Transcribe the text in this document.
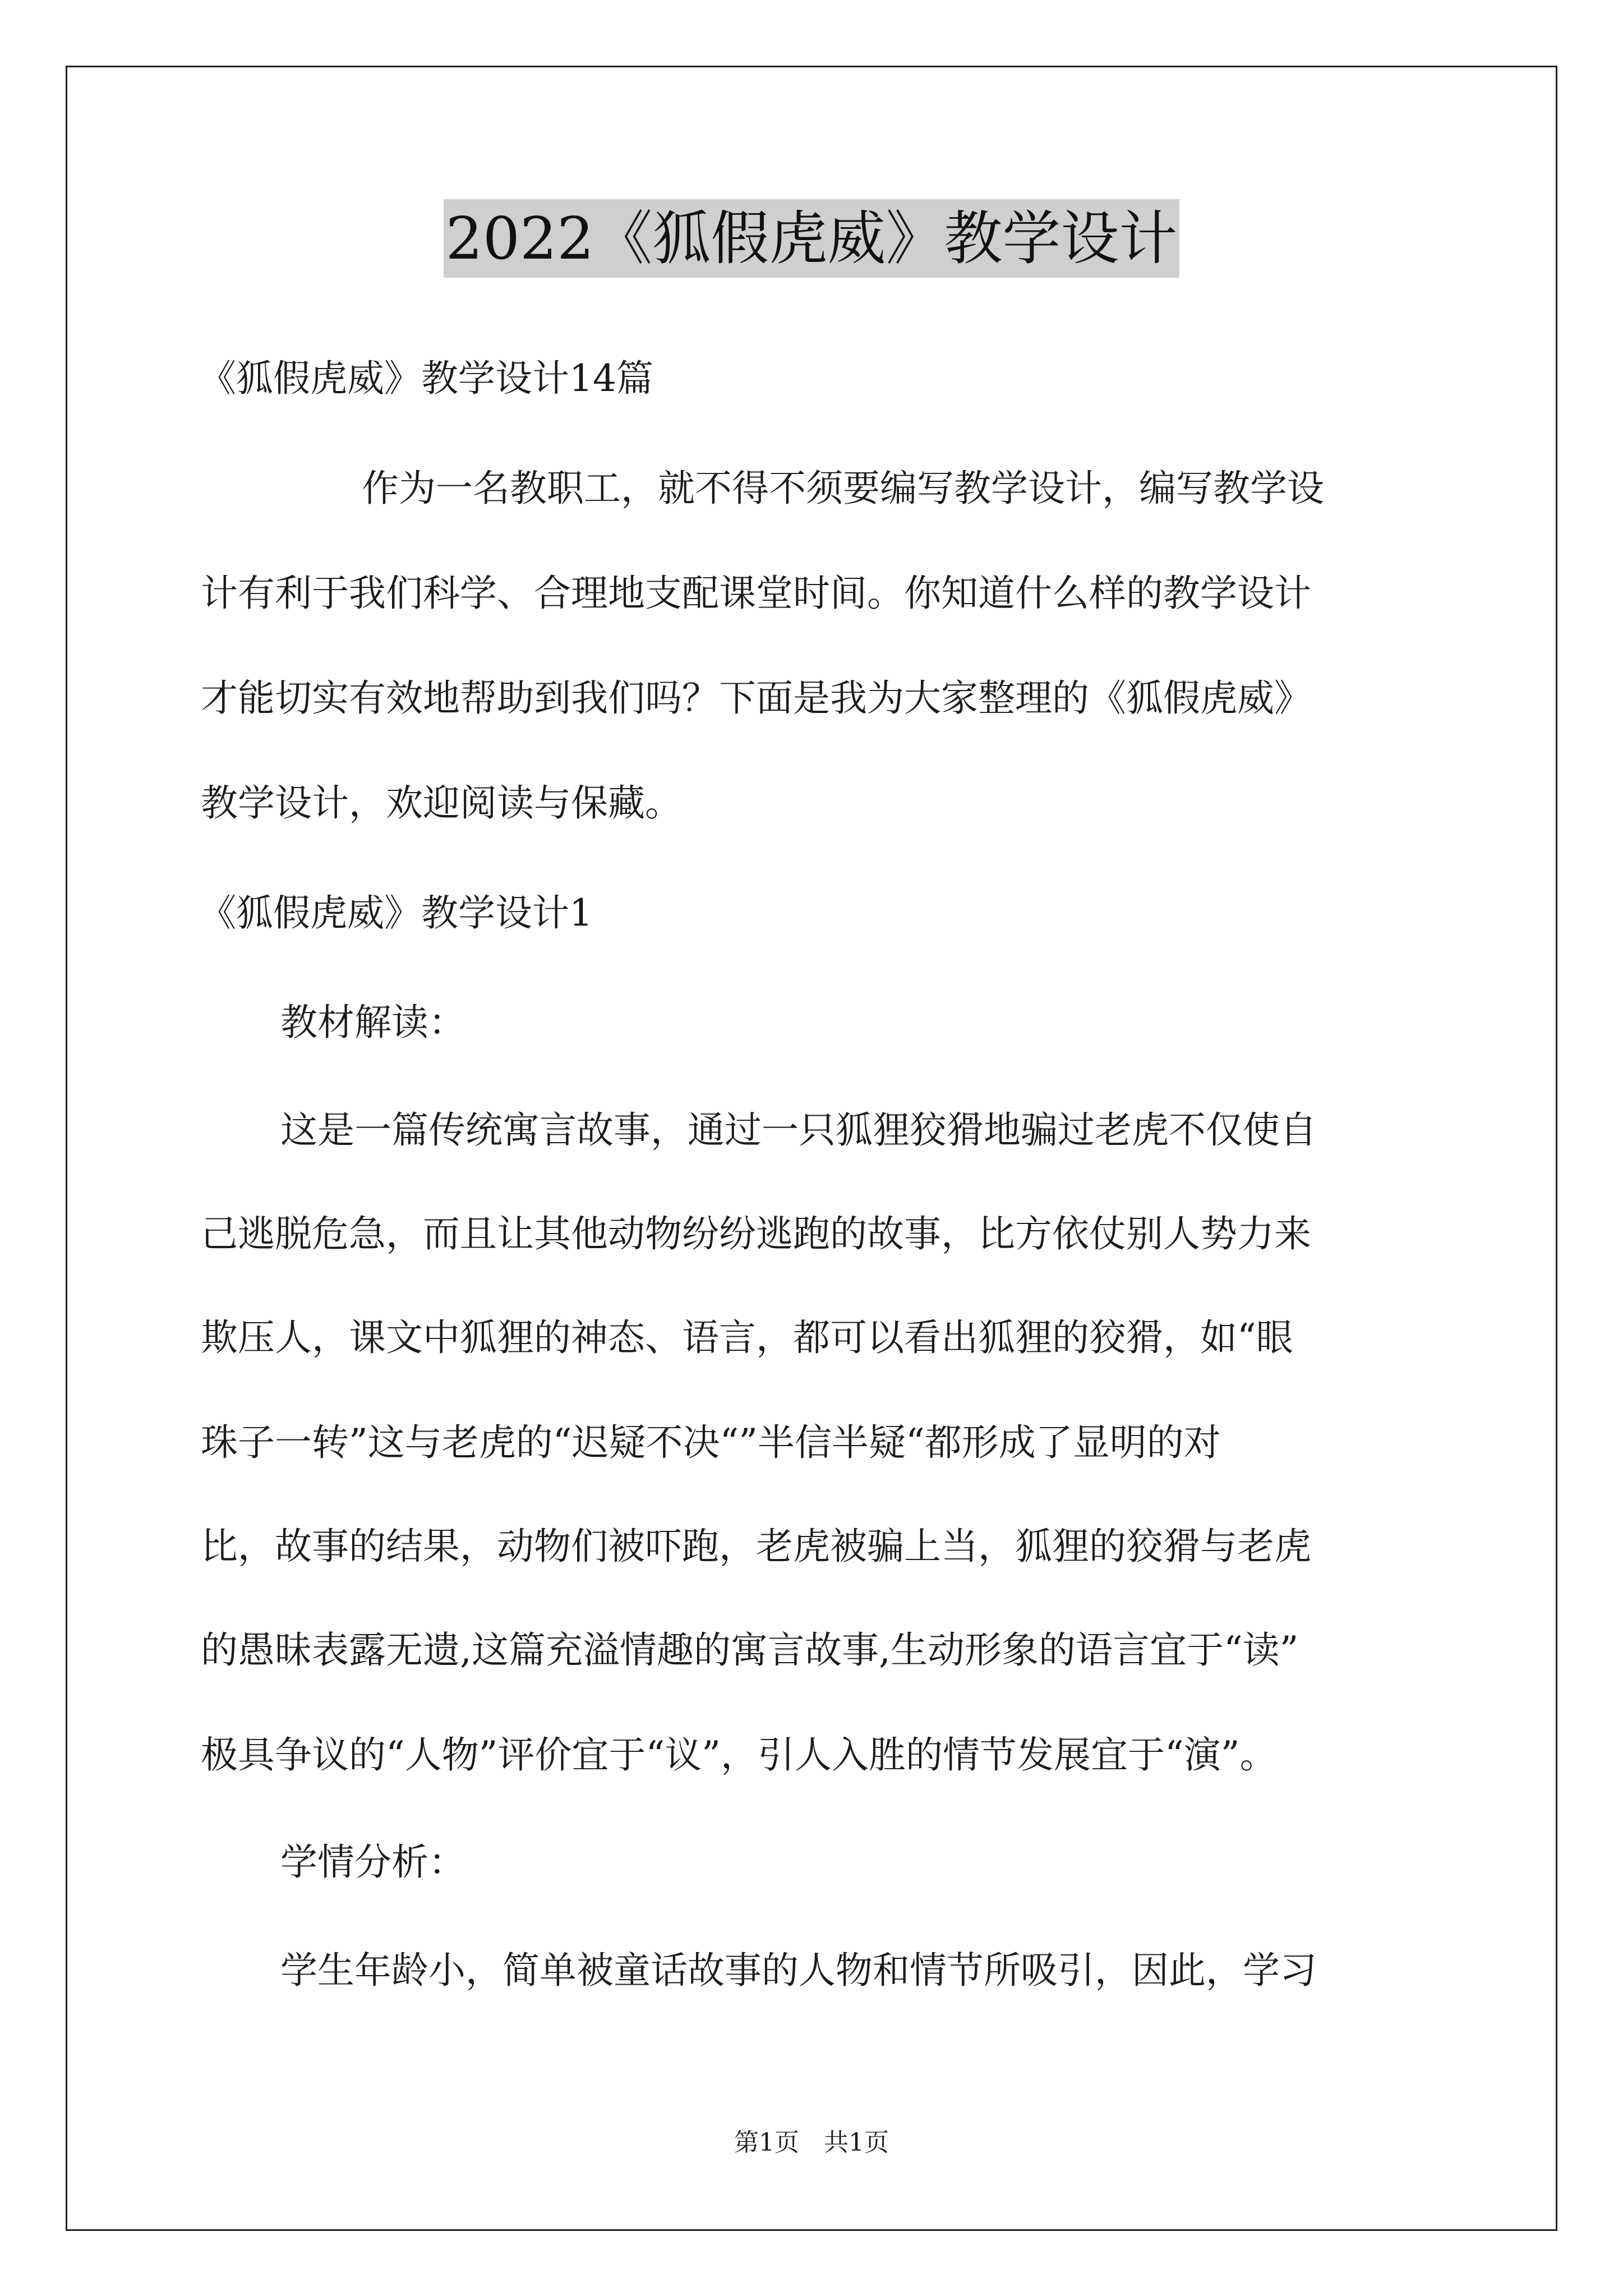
2022《狐假虎威》教学设计
《狐假虎威》教学设计14篇
作为一名教职工，就不得不须要编写教学设计，编写教学设
计有利于我们科学、合理地支配课堂时间。你知道什么样的教学设计
才能切实有效地帮助到我们吗？下面是我为大家整理的《狐假虎威》
教学设计，欢迎阅读与保藏。
《狐假虎威》教学设计1
教材解读：
这是一篇传统寓言故事，通过一只狐狸狡猾地骗过老虎不仅使自
己逃脱危急，而且让其他动物纷纷逃跑的故事，比方依仗别人势力来
欺压人，课文中狐狸的神态、语言，都可以看出狐狸的狡猾，如“眼
珠子一转”这与老虎的“迟疑不决“”半信半疑“都形成了显明的对
比，故事的结果，动物们被吓跑，老虎被骗上当，狐狸的狡猾与老虎
的愚昧表露无遗,这篇充溢情趣的寓言故事,生动形象的语言宜于“读”
极具争议的“人物”评价宜于“议”，引人入胜的情节发展宜于“演”。
学情分析：
学生年龄小，简单被童话故事的人物和情节所吸引，因此，学习
第1页　共1页
